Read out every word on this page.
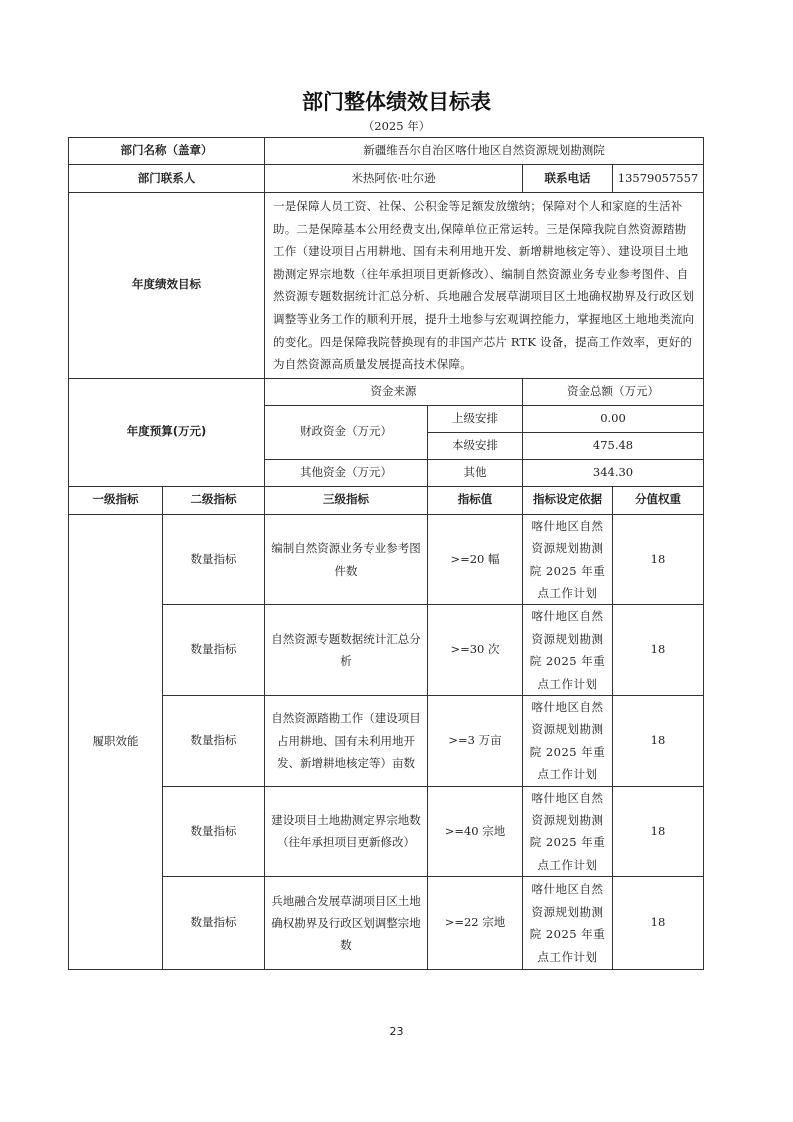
部门整体绩效目标表
（2025 年）
部门名称（盖章）		新疆维吾尔自治区喀什地区自然资源规划勘测院			
部门联系人		米热阿依·吐尔逊		联系电话	13579057557
年度绩效目标		一是保障人员工资、社保、公积金等足额发放缴纳；保障对个人和家庭的生活补助。二是保障基本公用经费支出,保障单位正常运转。三是保障我院自然资源踏勘工作（建设项目占用耕地、国有未利用地开发、新增耕地核定等）、建设项目土地勘测定界宗地数（往年承担项目更新修改）、编制自然资源业务专业参考图件、自然资源专题数据统计汇总分析、兵地融合发展草湖项目区土地确权勘界及行政区划调整等业务工作的顺利开展，提升土地参与宏观调控能力，掌握地区土地地类流向的变化。四是保障我院替换现有的非国产芯片 RTK 设备，提高工作效率，更好的为自然资源高质量发展提高技术保障。			
年度预算(万元)		资金来源		资金总额（万元）	
		财政资金（万元）	上级安排	0.00	
			本级安排	475.48	
		其他资金（万元）	其他	344.30	
一级指标	二级指标	三级指标	指标值	指标设定依据	分值权重
履职效能	数量指标	编制自然资源业务专业参考图件数	>=20 幅	喀什地区自然资源规划勘测院 2025 年重点工作计划	18
	数量指标	自然资源专题数据统计汇总分析	>=30 次	喀什地区自然资源规划勘测院 2025 年重点工作计划	18
	数量指标	自然资源踏勘工作（建设项目占用耕地、国有未利用地开发、新增耕地核定等）亩数	>=3 万亩	喀什地区自然资源规划勘测院 2025 年重点工作计划	18
	数量指标	建设项目土地勘测定界宗地数（往年承担项目更新修改）	>=40 宗地	喀什地区自然资源规划勘测院 2025 年重点工作计划	18
	数量指标	兵地融合发展草湖项目区土地确权勘界及行政区划调整宗地数	>=22 宗地	喀什地区自然资源规划勘测院 2025 年重点工作计划	18
23
